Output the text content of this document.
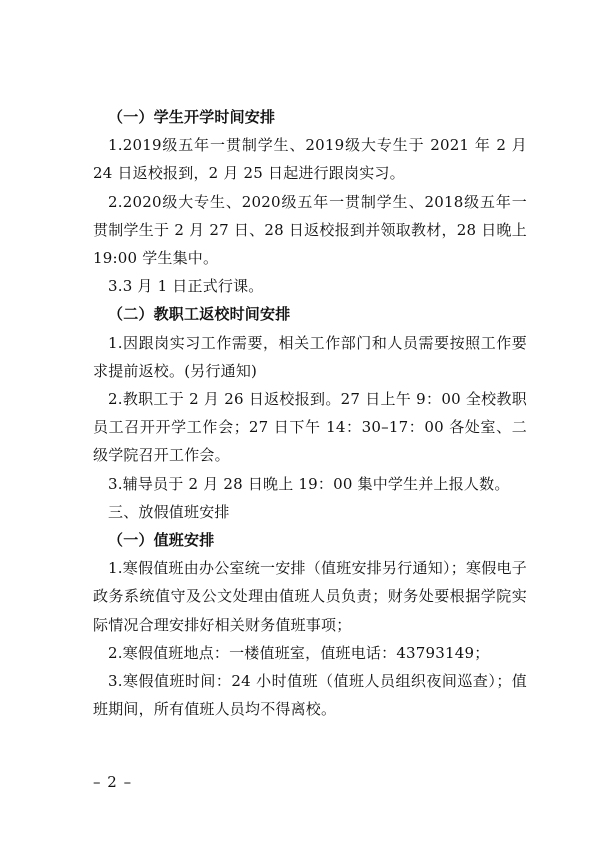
（一）学生开学时间安排

1.2019级五年一贯制学生、2019级大专生于 2021 年 2 月 24 日返校报到，2 月 25 日起进行跟岗实习。

2.2020级大专生、2020级五年一贯制学生、2018级五年一贯制学生于 2 月 27 日、28 日返校报到并领取教材，28 日晚上 19:00 学生集中。

3.3 月 1 日正式行课。

（二）教职工返校时间安排

1.因跟岗实习工作需要，相关工作部门和人员需要按照工作要求提前返校。(另行通知)

2.教职工于 2 月 26 日返校报到。27 日上午 9：00 全校教职员工召开开学工作会；27 日下午 14：30–17：00 各处室、二级学院召开工作会。

3.辅导员于 2 月 28 日晚上 19：00 集中学生并上报人数。

三、放假值班安排

（一）值班安排

1.寒假值班由办公室统一安排（值班安排另行通知）；寒假电子政务系统值守及公文处理由值班人员负责；财务处要根据学院实际情况合理安排好相关财务值班事项；

2.寒假值班地点：一楼值班室，值班电话：43793149；

3.寒假值班时间：24 小时值班（值班人员组织夜间巡查）；值班期间，所有值班人员均不得离校。

– 2 –
